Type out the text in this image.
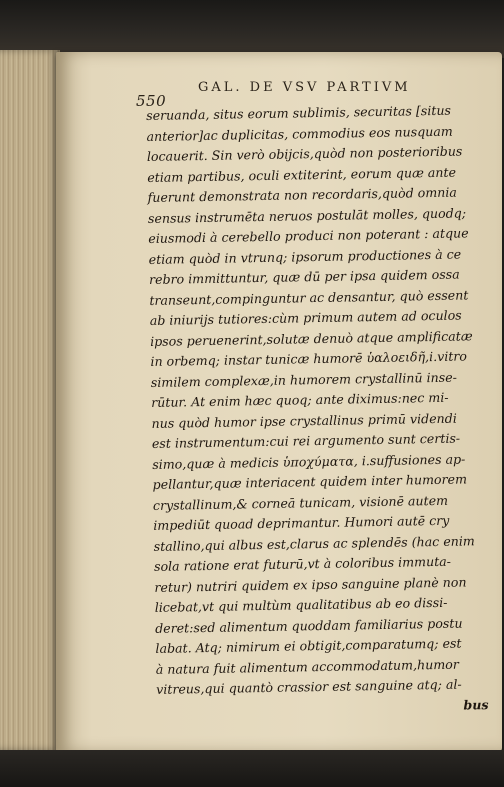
550
GAL. DE VSV PARTIVM
seruanda, situs eorum sublimis, securitas [situs
anterior]ac duplicitas, commodius eos nusquam
locauerit. Sin verò obijcis,quòd non posterioribus
etiam partibus, oculi extiterint, eorum quæ ante
fuerunt demonstrata non recordaris,quòd omnia
sensus instrumēta neruos postulāt molles, quodq;
eiusmodi à cerebello produci non poterant : atque
etiam quòd in vtrunq; ipsorum productiones à ce
rebro immittuntur, quæ dū per ipsa quidem ossa
transeunt,compinguntur ac densantur, quò essent
ab iniurijs tutiores:cùm primum autem ad oculos
ipsos peruenerint,solutæ denuò atque amplificatæ
in orbemq; instar tunicæ humorē ὑαλοειδῆ,i.vitro
similem complexæ,in humorem crystallinū inse-
rūtur. At enim hæc quoq; ante diximus:nec mi-
nus quòd humor ipse crystallinus primū videndi
est instrumentum:cui rei argumento sunt certis-
simo,quæ à medicis ὑποχύματα, i.suffusiones ap-
pellantur,quæ interiacent quidem inter humorem
crystallinum,& corneā tunicam, visionē autem
impediūt quoad deprimantur. Humori autē cry
stallino,qui albus est,clarus ac splendēs (hac enim
sola ratione erat futurū,vt à coloribus immuta-
retur) nutriri quidem ex ipso sanguine planè non
licebat,vt qui multùm qualitatibus ab eo dissi-
deret:sed alimentum quoddam familiarius postu
labat. Atq; nimirum ei obtigit,comparatumq; est
à natura fuit alimentum accommodatum,humor
vitreus,qui quantò crassior est sanguine atq; al-
bus
